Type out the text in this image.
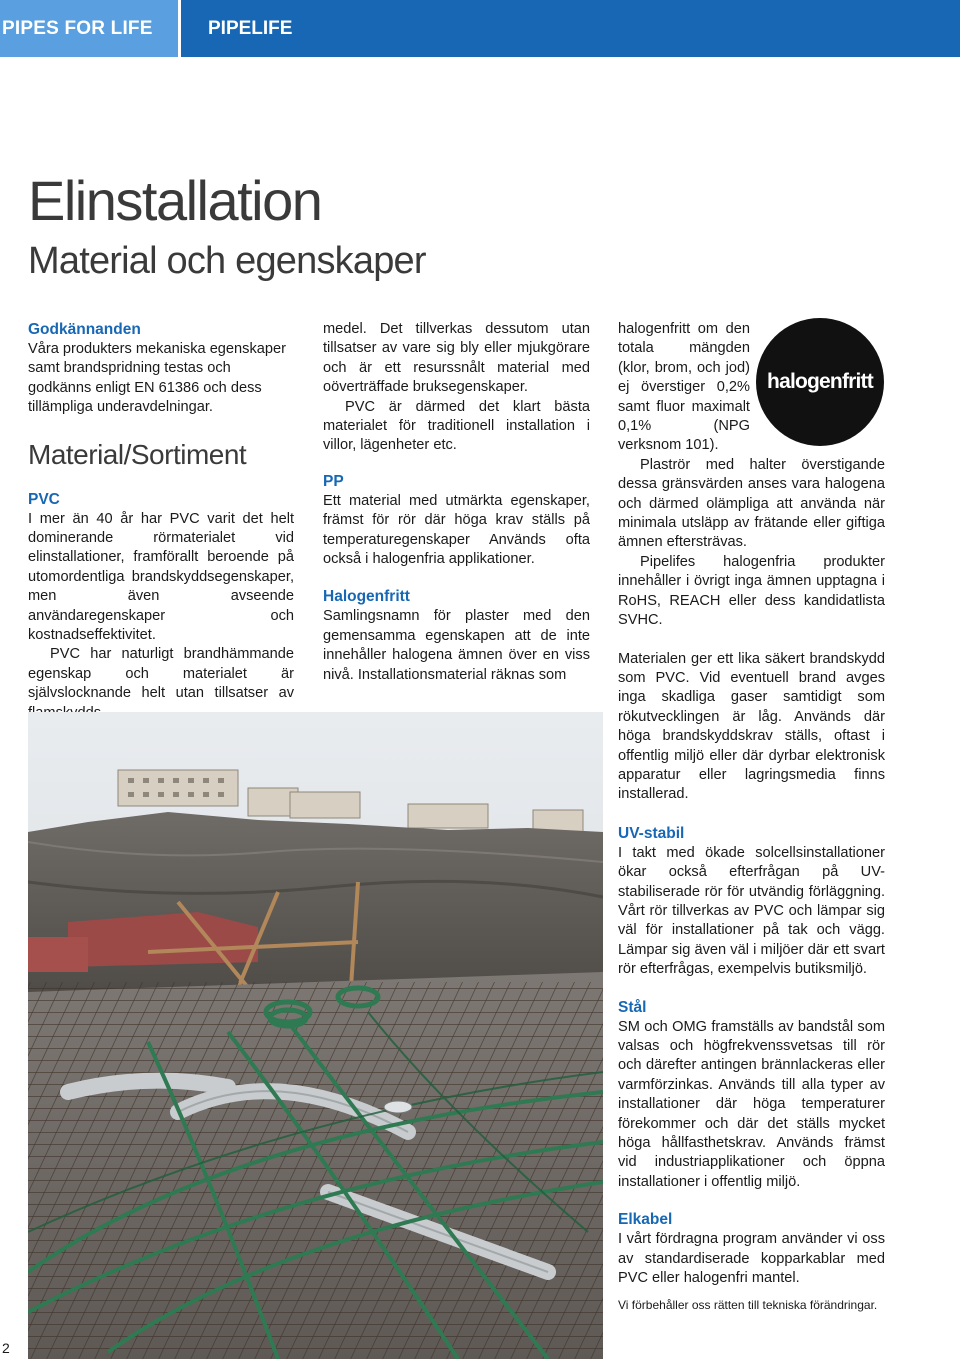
PIPES FOR LIFE	PIPELIFE
Elinstallation
Material och egenskaper
Godkännanden

Våra produkters mekaniska egenskaper samt brandspridning testas och godkänns enligt EN 61386 och dess tillämpliga underavdelningar.

Material/Sortiment
PVC

I mer än 40 år har PVC varit det helt dominerande rörmaterialet vid elinstallationer, framförallt beroende på utomordentliga brandskyddsegenskaper, men även avseende användaregenskaper och kostnadseffektivitet.

PVC har naturligt brandhämmande egenskap och materialet är självslocknande helt utan tillsatser av

medel. Det tillverkas dessutom utan tillsatser av vare sig bly eller mjukgörare och är ett resurssnålt material med oöverträffade bruksegenskaper.

PVC är därmed det klart bästa materialet för traditionell installation i villor, lägenheter etc.

PP

Ett material med utmärkta egenskaper, främst för rör där höga krav ställs på temperaturegenskaper Används ofta också i halogenfria applikationer.

Halogenfritt

Samlingsnamn för plaster med den gemensamma egenskapen att de inte innehåller halogena ämnen över en viss nivå. Installationsmaterial räknas som

halogenfritt

halogenfritt om den totala mängden (klor, brom, och jod) ej överstiger 0,2% samt fluor maximalt 0,1% (NPG verksnom 101).

Plaströr med halter överstigande dessa gränsvärden anses vara halogena och därmed olämpliga att använda när minimala utsläpp av frätande eller giftiga ämnen eftersträvas.

Pipelifes halogenfria produkter innehåller i övrigt inga ämnen upptagna i RoHS, REACH eller dess kandidatlista SVHC.

Materialen ger ett lika säkert brandskydd som PVC. Vid eventuell brand avges inga skadliga gaser samtidigt som rökutvecklingen är låg. Används där höga brandskyddskrav ställs, oftast i offentlig miljö eller där dyrbar elektronisk apparatur eller lagringsmedia finns installerad.

UV-stabil

I takt med ökade solcellsinstallationer ökar också efterfrågan på UV-stabiliserade rör för utvändig förläggning. Vårt rör tillverkas av PVC och lämpar sig väl för installationer på tak och vägg. Lämpar sig även väl i miljöer där ett svart rör efterfrågas, exempelvis butiksmiljö.

Stål

SM och OMG framställs av bandstål som valsas och högfrekvenssvetsas till rör och därefter antingen brännlackeras eller varmförzinkas. Används till alla typer av installationer där höga temperaturer förekommer och där det ställs mycket höga hållfasthetskrav. Används främst vid industriapplikationer och öppna installationer i offentlig miljö.

Elkabel

I vårt fördragna program använder vi oss av standardiserade kopparkablar med PVC eller halogenfri mantel.

Vi förbehåller oss rätten till tekniska förändringar.
2
